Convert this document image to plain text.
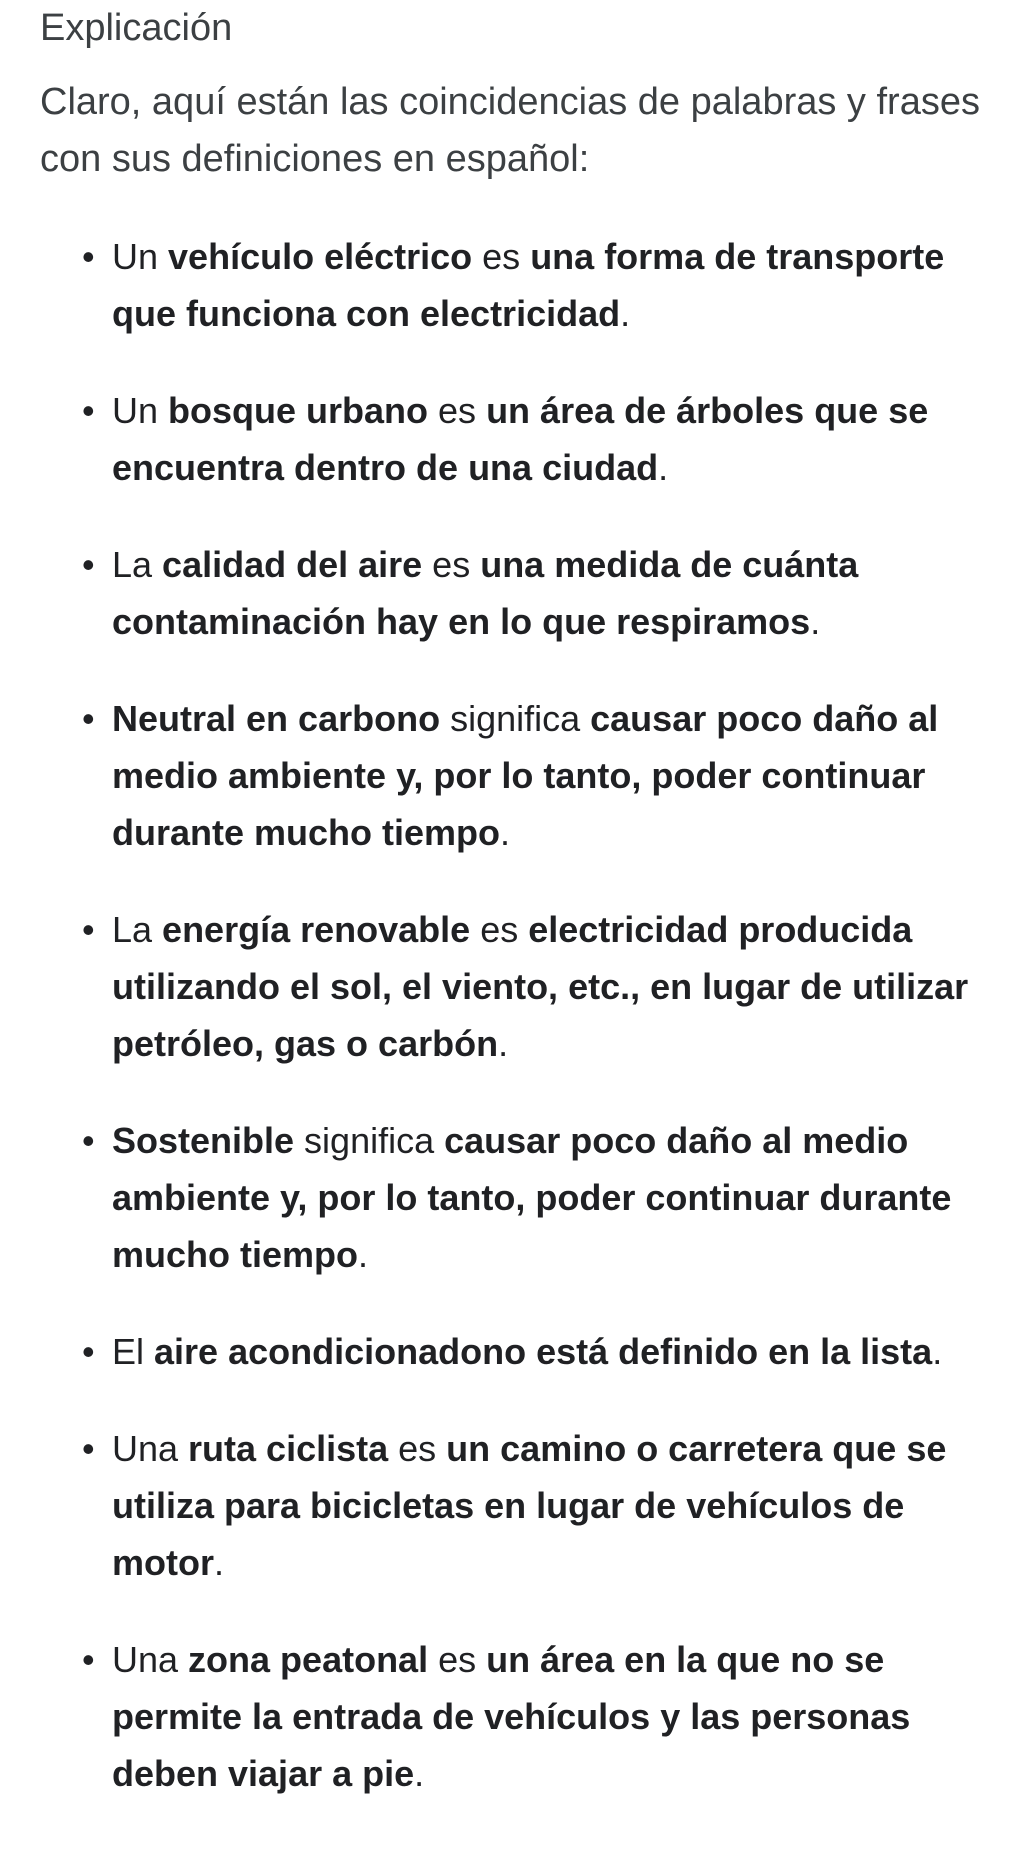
Explicación

Claro, aquí están las coincidencias de palabras y frases con sus definiciones en español:

• Un vehículo eléctrico es una forma de transporte que funciona con electricidad.
• Un bosque urbano es un área de árboles que se encuentra dentro de una ciudad.
• La calidad del aire es una medida de cuánta contaminación hay en lo que respiramos.
• Neutral en carbono significa causar poco daño al medio ambiente y, por lo tanto, poder continuar durante mucho tiempo.
• La energía renovable es electricidad producida utilizando el sol, el viento, etc., en lugar de utilizar petróleo, gas o carbón.
• Sostenible significa causar poco daño al medio ambiente y, por lo tanto, poder continuar durante mucho tiempo.
• El aire acondicionadono está definido en la lista.
• Una ruta ciclista es un camino o carretera que se utiliza para bicicletas en lugar de vehículos de motor.
• Una zona peatonal es un área en la que no se permite la entrada de vehículos y las personas deben viajar a pie.
